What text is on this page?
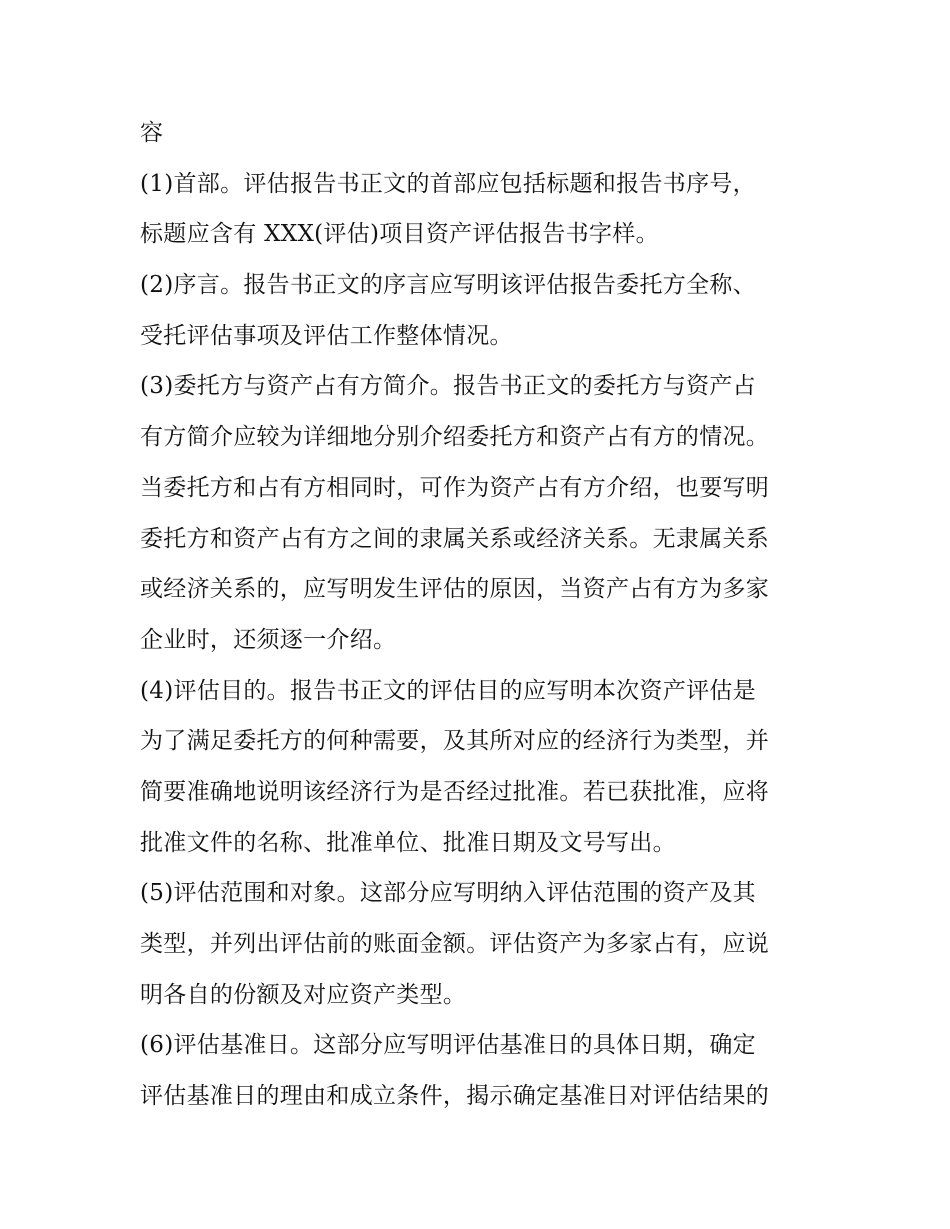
容
(1)首部。评估报告书正文的首部应包括标题和报告书序号，
标题应含有 XXX(评估)项目资产评估报告书字样。
(2)序言。报告书正文的序言应写明该评估报告委托方全称、
受托评估事项及评估工作整体情况。
(3)委托方与资产占有方简介。报告书正文的委托方与资产占
有方简介应较为详细地分别介绍委托方和资产占有方的情况。
当委托方和占有方相同时，可作为资产占有方介绍，也要写明
委托方和资产占有方之间的隶属关系或经济关系。无隶属关系
或经济关系的，应写明发生评估的原因，当资产占有方为多家
企业时，还须逐一介绍。
(4)评估目的。报告书正文的评估目的应写明本次资产评估是
为了满足委托方的何种需要，及其所对应的经济行为类型，并
简要准确地说明该经济行为是否经过批准。若已获批准，应将
批准文件的名称、批准单位、批准日期及文号写出。
(5)评估范围和对象。这部分应写明纳入评估范围的资产及其
类型，并列出评估前的账面金额。评估资产为多家占有，应说
明各自的份额及对应资产类型。
(6)评估基准日。这部分应写明评估基准日的具体日期，确定
评估基准日的理由和成立条件，揭示确定基准日对评估结果的
